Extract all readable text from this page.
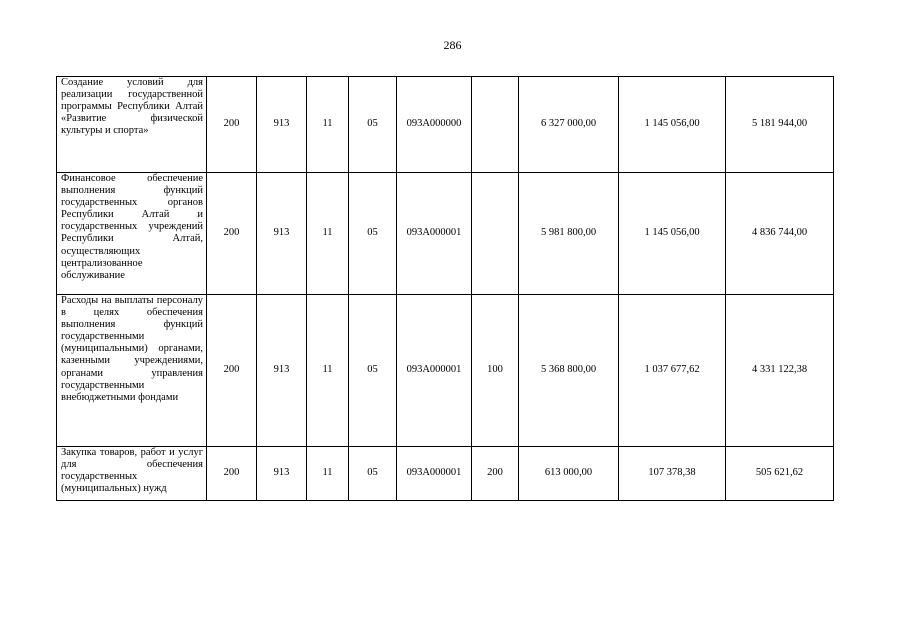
286
Создание условий для реализации государственной программы Республики Алтай «Развитие физической культуры и спорта»	200	913	11	05	093A000000		6 327 000,00	1 145 056,00	5 181 944,00

Финансовое обеспечение выполнения функций государственных органов Республики Алтай и государственных учреждений Республики Алтай, осуществляющих централизованное обслуживание	200	913	11	05	093A000001		5 981 800,00	1 145 056,00	4 836 744,00

Расходы на выплаты персоналу в целях обеспечения выполнения функций государственными (муниципальными) органами, казенными учреждениями, органами управления государственными внебюджетными фондами	200	913	11	05	093A000001	100	5 368 800,00	1 037 677,62	4 331 122,38

Закупка товаров, работ и услуг для обеспечения государственных (муниципальных) нужд	200	913	11	05	093A000001	200	613 000,00	107 378,38	505 621,62
